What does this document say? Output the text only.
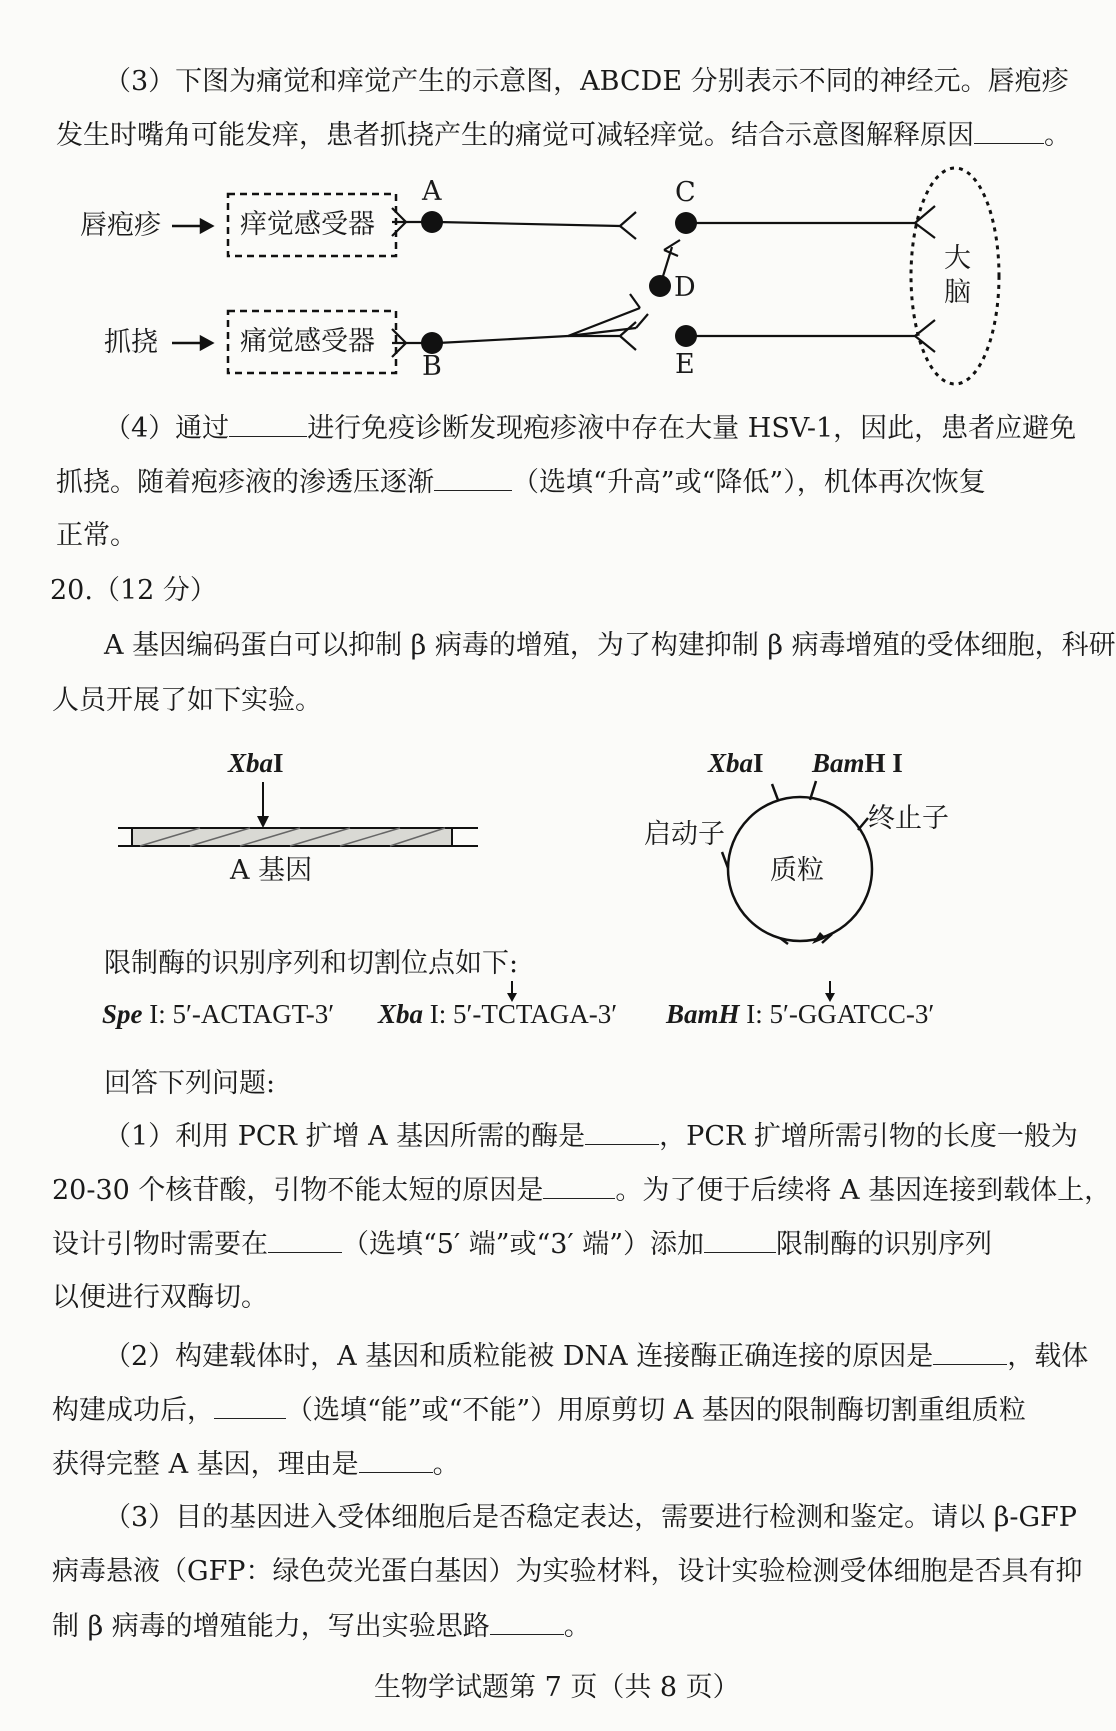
（3）下图为痛觉和痒觉产生的示意图，ABCDE 分别表示不同的神经元。唇疱疹
发生时嘴角可能发痒，患者抓挠产生的痛觉可减轻痒觉。结合示意图解释原因	。
唇疱疹
抓挠
痒觉感受器
痛觉感受器
A
B
C
D
E
大
脑
（4）通过	进行免疫诊断发现疱疹液中存在大量 HSV-1，因此，患者应避免
抓挠。随着疱疹液的渗透压逐渐	（选填“升高”或“降低”），机体再次恢复
正常。
20.（12 分）
A 基因编码蛋白可以抑制 β 病毒的增殖，为了构建抑制 β 病毒增殖的受体细胞，科研
人员开展了如下实验。
XbaI
A 基因
XbaI BamH I
启动子
终止子
质粒
限制酶的识别序列和切割位点如下:
Spe I: 5′-ACTAGT-3′ Xba I: 5′-TCTAGA-3′ BamH I: 5′-GGATCC-3′
回答下列问题:
（1）利用 PCR 扩增 A 基因所需的酶是	，PCR 扩增所需引物的长度一般为
20-30 个核苷酸，引物不能太短的原因是	。为了便于后续将 A 基因连接到载体上，
设计引物时需要在	（选填“5′ 端”或“3′ 端”）添加	限制酶的识别序列
以便进行双酶切。
（2）构建载体时，A 基因和质粒能被 DNA 连接酶正确连接的原因是	，载体
构建成功后，	（选填“能”或“不能”）用原剪切 A 基因的限制酶切割重组质粒
获得完整 A 基因，理由是	。
（3）目的基因进入受体细胞后是否稳定表达，需要进行检测和鉴定。请以 β-GFP
病毒悬液（GFP：绿色荧光蛋白基因）为实验材料，设计实验检测受体细胞是否具有抑
制 β 病毒的增殖能力，写出实验思路	。
生物学试题第 7 页（共 8 页）
